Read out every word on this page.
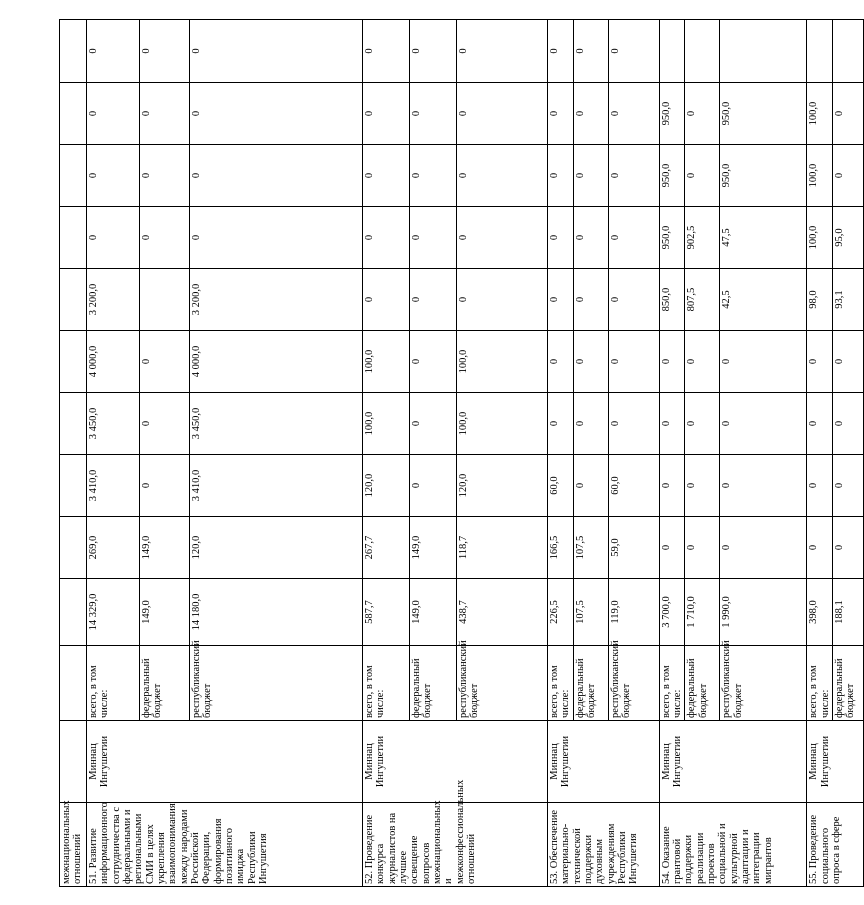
межнациональных отношений												
51. Развитие информационного сотрудничества с федеральными и региональными СМИ в целях укрепления взаимопонимания между народами Российской Федерации, формирования позитивного имиджа Республики Ингушетия	Миннац Ингушетии	всего, в том числе:	14 329,0	269,0	3 410,0	3 450,0	4 000,0	3 200,0	0	0	0	0
		федеральный бюджет	149,0	149,0	0	0	0		0	0	0	0
		республиканский бюджет	14 180,0	120,0	3 410,0	3 450,0	4 000,0	3 200,0	0	0	0	0
52. Проведение конкурса журналистов на лучшее освещение вопросов межнациональных и межконфессиональных отношений	Миннац Ингушетии	всего, в том числе:	587,7	267,7	120,0	100,0	100,0	0	0	0	0	0
		федеральный бюджет	149,0	149,0	0	0	0	0	0	0	0	0
		республиканский бюджет	438,7	118,7	120,0	100,0	100,0	0	0	0	0	0
53. Обеспечение материально-технической поддержки духовным учреждениям Республики Ингушетия	Миннац Ингушетии	всего, в том числе:	226,5	166,5	60,0	0	0	0	0	0	0	0
		федеральный бюджет	107,5	107,5	0	0	0	0	0	0	0	0
		республиканский бюджет	119,0	59,0	60,0	0	0	0	0	0	0	0
54. Оказание грантовой поддержки реализации проектов социальной и культурной адаптации и интеграции мигрантов	Миннац Ингушетии	всего, в том числе:	3 700,0	0	0	0	0	850,0	950,0	950,0	950,0	
		федеральный бюджет	1 710,0	0	0	0	0	807,5	902,5	0	0	
		республиканский бюджет	1 990,0	0	0	0	0	42,5	47,5	950,0	950,0	
55. Проведение социального опроса в сфере	Миннац Ингушетии	всего, в том числе:	398,0	0	0	0	0	98,0	100,0	100,0	100,0	
		федеральный бюджет	188,1	0	0	0	0	93,1	95,0	0	0	
